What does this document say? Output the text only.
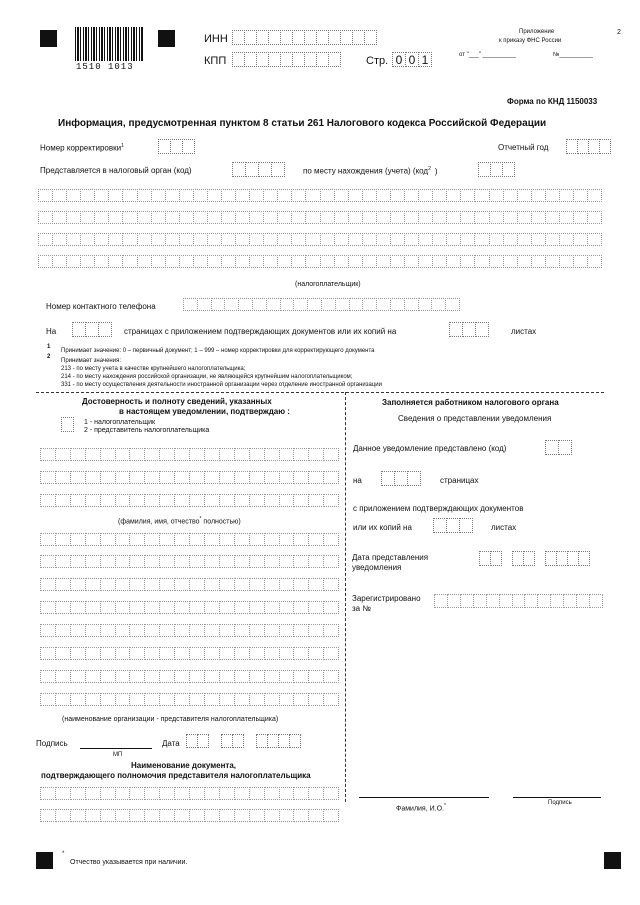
1510 1013
ИНН
КПП	Стр. 0 0 1
Приложение
к приказу ФНС России
2
от "___" __________	№__________
Форма по КНД 1150033
Информация, предусмотренная пунктом 8 статьи 261 Налогового кодекса Российской Федерации
Номер корректировки$^1$	Отчетный год
Представляется в налоговый орган (код)	по месту нахождения (учета) (код$^2$ )
(налогоплательщик)
Номер контактного телефона
На	страницах с приложением подтверждающих документов или их копий на	листах
1
Принимает значение: 0 – первичный документ; 1 – 999 – номер корректировки для корректирующего документа
2
Принимает значения:
213 - по месту учета в качестве крупнейшего налогоплательщика;
214 - по месту нахождения российской организации, не являющейся крупнейшим налогоплательщиком;
331 - по месту осуществления деятельности иностранной организации через отделение иностранной организации
Достоверность и полноту сведений, указанных
в настоящем уведомлении, подтверждаю :
1 - налогоплательщик
2 - представитель налогоплательщика
(фамилия, имя, отчество* полностью)
(наименование организации - представителя налогоплательщика)
Подпись	Дата
МП
Наименование документа,
подтверждающего полномочия представителя налогоплательщика
Заполняется работником налогового органа
Сведения о представлении уведомления
Данное уведомление представлено (код)
на	страницах
с приложением подтверждающих документов
или их копий на	листах
Дата представления
уведомления
Зарегистрировано
за №
Фамилия, И.О.*	Подпись
*
Отчество указывается при наличии.
